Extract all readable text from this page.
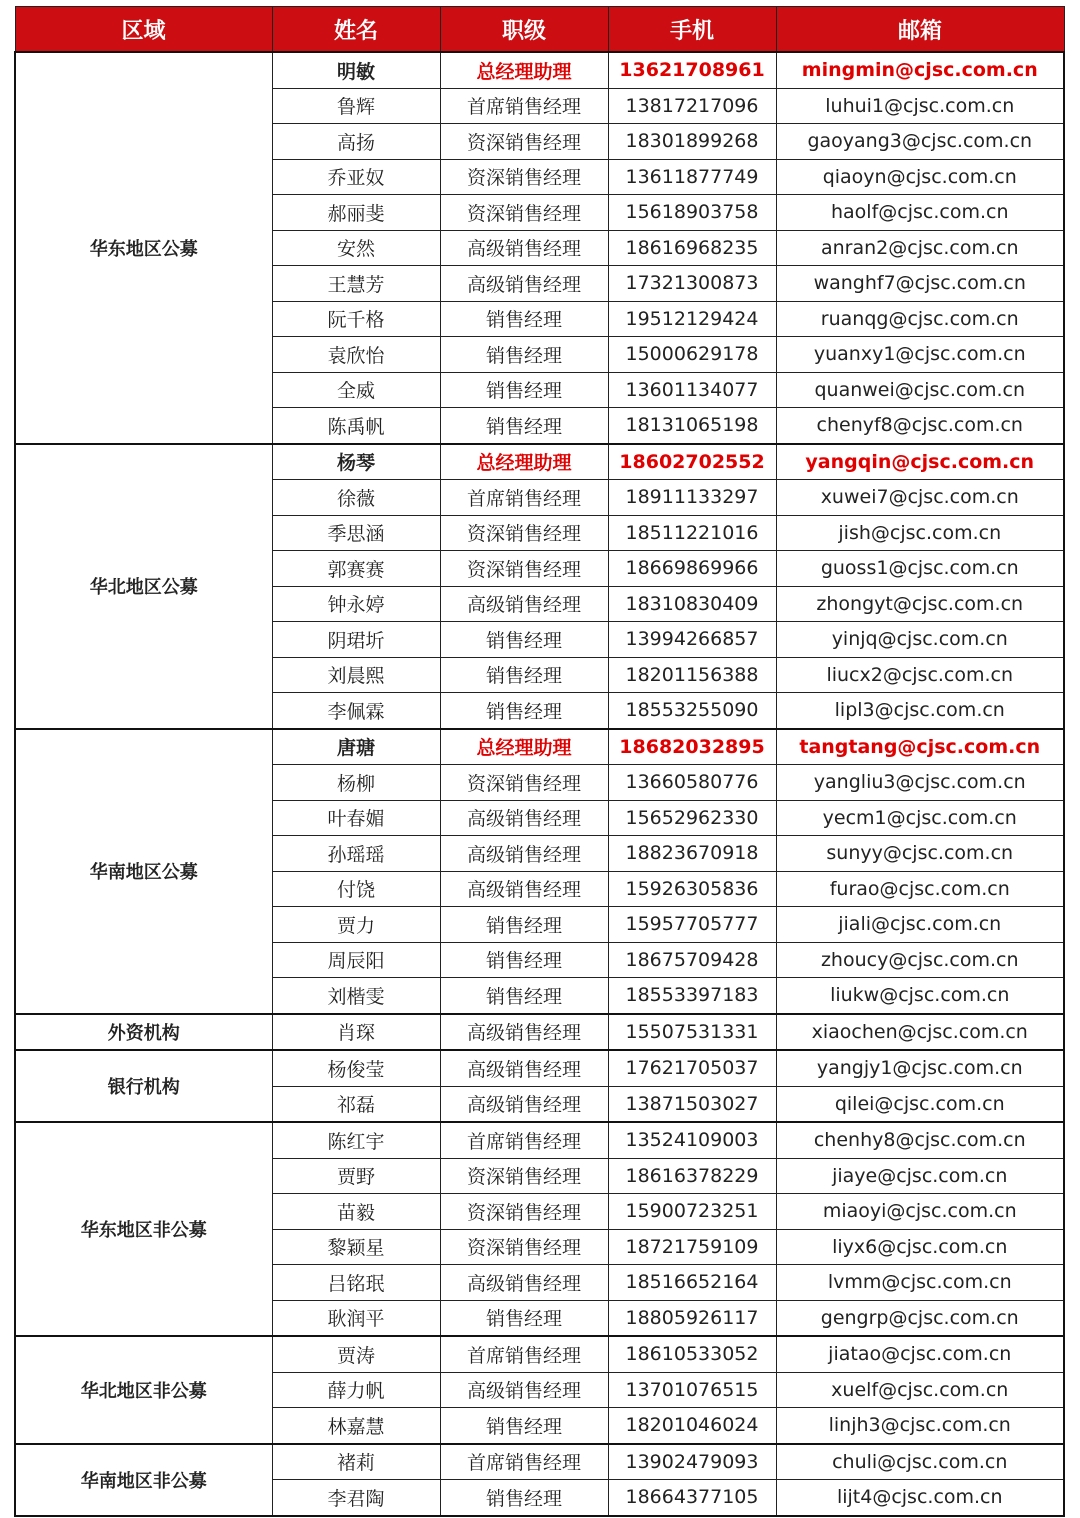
区域	姓名	职级	手机	邮箱
华东地区公募	明敏	总经理助理	13621708961	mingmin@cjsc.com.cn
	鲁辉	首席销售经理	13817217096	luhui1@cjsc.com.cn
	高扬	资深销售经理	18301899268	gaoyang3@cjsc.com.cn
	乔亚奴	资深销售经理	13611877749	qiaoyn@cjsc.com.cn
	郝丽斐	资深销售经理	15618903758	haolf@cjsc.com.cn
	安然	高级销售经理	18616968235	anran2@cjsc.com.cn
	王慧芳	高级销售经理	17321300873	wanghf7@cjsc.com.cn
	阮千格	销售经理	19512129424	ruanqg@cjsc.com.cn
	袁欣怡	销售经理	15000629178	yuanxy1@cjsc.com.cn
	全威	销售经理	13601134077	quanwei@cjsc.com.cn
	陈禹帆	销售经理	18131065198	chenyf8@cjsc.com.cn
华北地区公募	杨琴	总经理助理	18602702552	yangqin@cjsc.com.cn
	徐薇	首席销售经理	18911133297	xuwei7@cjsc.com.cn
	季思涵	资深销售经理	18511221016	jish@cjsc.com.cn
	郭赛赛	资深销售经理	18669869966	guoss1@cjsc.com.cn
	钟永婷	高级销售经理	18310830409	zhongyt@cjsc.com.cn
	阴珺圻	销售经理	13994266857	yinjq@cjsc.com.cn
	刘晨熙	销售经理	18201156388	liucx2@cjsc.com.cn
	李佩霖	销售经理	18553255090	lipl3@cjsc.com.cn
华南地区公募	唐瑭	总经理助理	18682032895	tangtang@cjsc.com.cn
	杨柳	资深销售经理	13660580776	yangliu3@cjsc.com.cn
	叶春媚	高级销售经理	15652962330	yecm1@cjsc.com.cn
	孙瑶瑶	高级销售经理	18823670918	sunyy@cjsc.com.cn
	付饶	高级销售经理	15926305836	furao@cjsc.com.cn
	贾力	销售经理	15957705777	jiali@cjsc.com.cn
	周辰阳	销售经理	18675709428	zhoucy@cjsc.com.cn
	刘楷雯	销售经理	18553397183	liukw@cjsc.com.cn
外资机构	肖琛	高级销售经理	15507531331	xiaochen@cjsc.com.cn
银行机构	杨俊莹	高级销售经理	17621705037	yangjy1@cjsc.com.cn
	祁磊	高级销售经理	13871503027	qilei@cjsc.com.cn
华东地区非公募	陈红宇	首席销售经理	13524109003	chenhy8@cjsc.com.cn
	贾野	资深销售经理	18616378229	jiaye@cjsc.com.cn
	苗毅	资深销售经理	15900723251	miaoyi@cjsc.com.cn
	黎颖星	资深销售经理	18721759109	liyx6@cjsc.com.cn
	吕铭珉	高级销售经理	18516652164	lvmm@cjsc.com.cn
	耿润平	销售经理	18805926117	gengrp@cjsc.com.cn
华北地区非公募	贾涛	首席销售经理	18610533052	jiatao@cjsc.com.cn
	薛力帆	高级销售经理	13701076515	xuelf@cjsc.com.cn
	林嘉慧	销售经理	18201046024	linjh3@cjsc.com.cn
华南地区非公募	褚莉	首席销售经理	13902479093	chuli@cjsc.com.cn
	李君陶	销售经理	18664377105	lijt4@cjsc.com.cn
